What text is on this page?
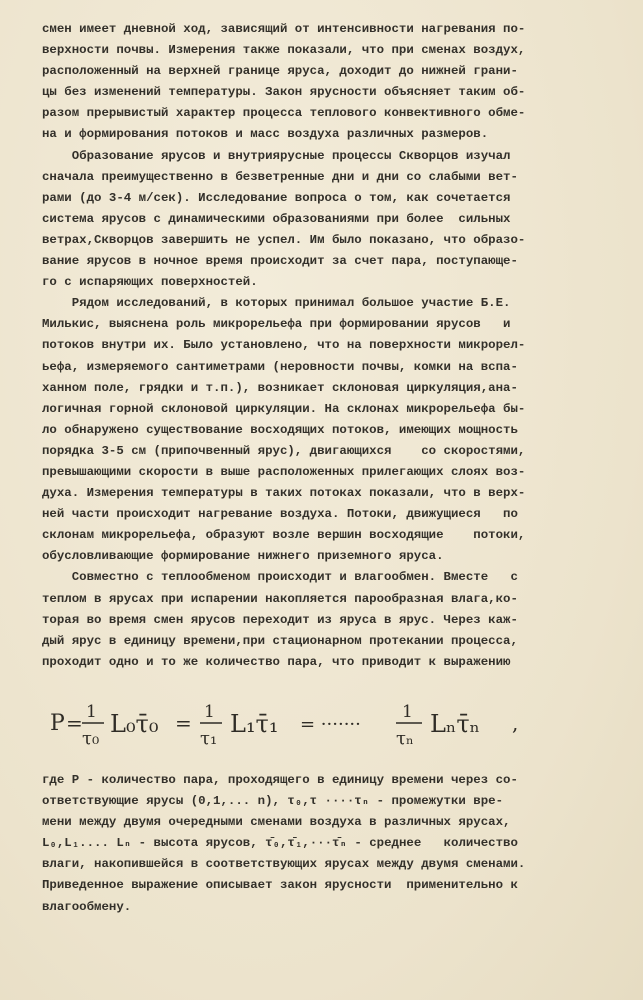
смен имеет дневной ход, зависящий от интенсивности нагревания по-
верхности почвы. Измерения также показали, что при сменах воздух,
расположенный на верхней границе яруса, доходит до нижней грани-
цы без изменений температуры. Закон ярусности объясняет таким об-
разом прерывистый характер процесса теплового конвективного обме-
на и формирования потоков и масс воздуха различных размеров.
Образование ярусов и внутриярусные процессы Скворцов изучал
сначала преимущественно в безветренные дни и дни со слабыми вет-
рами (до 3-4 м/сек). Исследование вопроса о том, как сочетается
система ярусов с динамическими образованиями при более  сильных
ветрах,Скворцов завершить не успел. Им было показано, что образо-
вание ярусов в ночное время происходит за счет пара, поступающе-
го с испаряющих поверхностей.
Рядом исследований, в которых принимал большое участие Б.Е.
Милькис, выяснена роль микрорельефа при формировании ярусов   и
потоков внутри их. Было установлено, что на поверхности микрорел-
ьефа, измеряемого сантиметрами (неровности почвы, комки на вспа-
ханном поле, грядки и т.п.), возникает склоновая циркуляция,ана-
логичная горной склоновой циркуляции. На склонах микрорельефа бы-
ло обнаружено существование восходящих потоков, имеющих мощность
порядка 3-5 см (припочвенный ярус), двигающихся    со скоростями,
превышающими скорости в выше расположенных прилегающих слоях воз-
духа. Измерения температуры в таких потоках показали, что в верх-
ней части происходит нагревание воздуха. Потоки, движущиеся   по
склонам микрорельефа, образуют возле вершин восходящие    потоки,
обусловливающие формирование нижнего приземного яруса.
Совместно с теплообменом происходит и влагообмен. Вместе   с
теплом в ярусах при испарении накопляется парообразная влага,ко-
торая во время смен ярусов переходит из яруса в ярус. Через каж-
дый ярус в единицу времени,при стационарном протекании процесса,
проходит одно и то же количество пара, что приводит к выражению
P = 1
τ₀
L₀τ̄₀ = 1
τ₁
L₁τ̄₁ = ·······
1
τₙ
Lₙτ̄ₙ ,
где P - количество пара, проходящего в единицу времени через со-
ответствующие ярусы (0,1,... n), τ₀,τ ····τₙ - промежутки вре-
мени между двумя очередными сменами воздуха в различных ярусах,
L₀,L₁.... Lₙ - высота ярусов, τ̄₀,τ̄₁,···τ̄ₙ - среднее   количество
влаги, накопившейся в соответствующих ярусах между двумя сменами.
Приведенное выражение описывает закон ярусности  применительно к
влагообмену.
